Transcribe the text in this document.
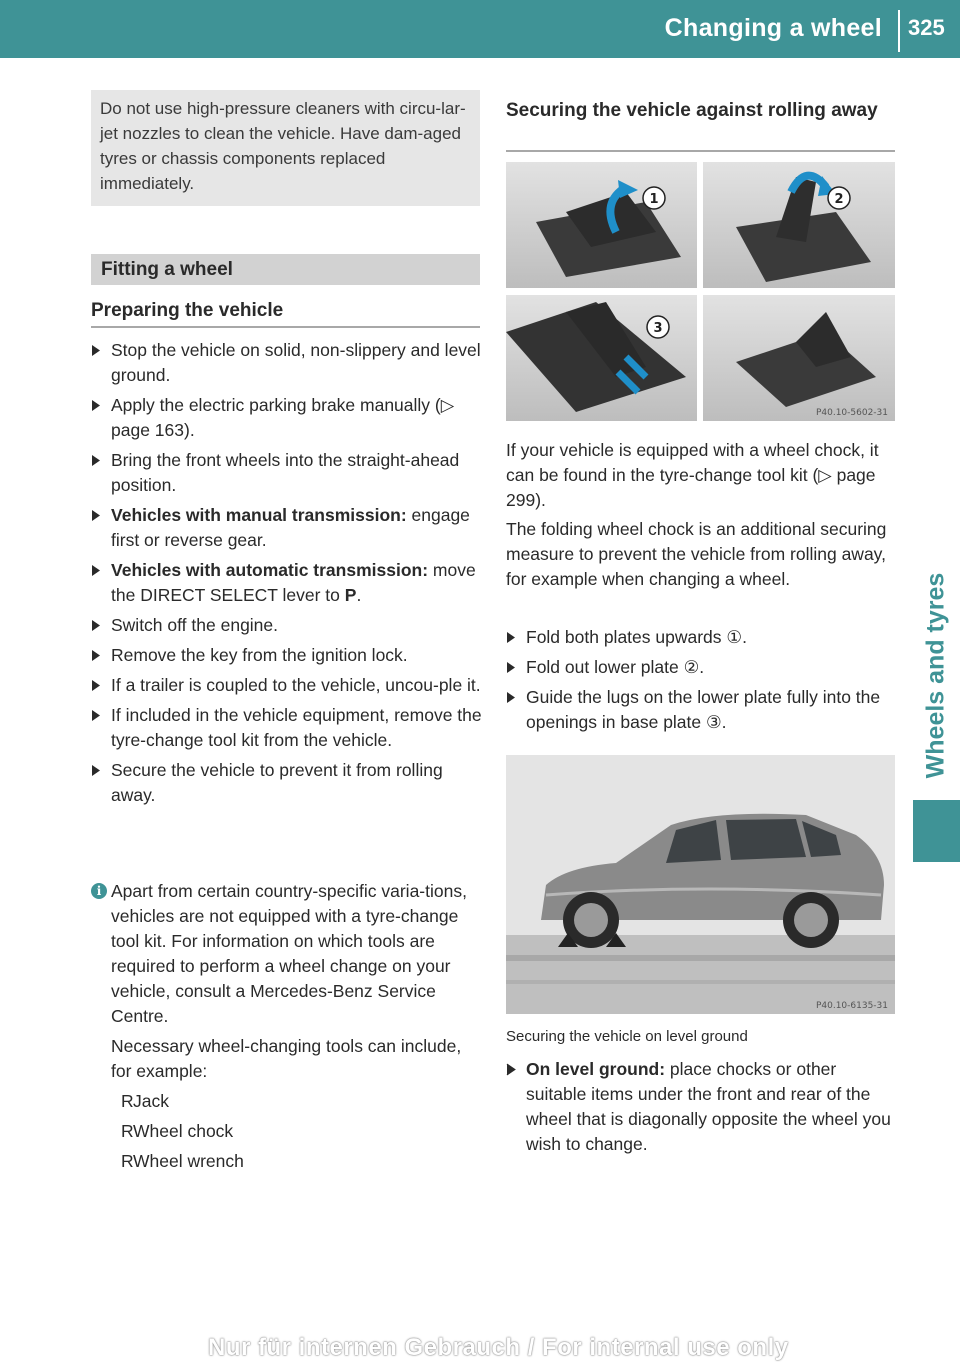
Changing a wheel 325
Wheels and tyres
Do not use high-pressure cleaners with circu-lar-jet nozzles to clean the vehicle. Have dam-aged tyres or chassis components replaced immediately.
Fitting a wheel
Preparing the vehicle
Stop the vehicle on solid, non-slippery and level ground.
Apply the electric parking brake manually (▷ page 163).
Bring the front wheels into the straight-ahead position.
Vehicles with manual transmission: engage first or reverse gear.
Vehicles with automatic transmission: move the DIRECT SELECT lever to P.
Switch off the engine.
Remove the key from the ignition lock.
If a trailer is coupled to the vehicle, uncou-ple it.
If included in the vehicle equipment, remove the tyre-change tool kit from the vehicle.
Secure the vehicle to prevent it from rolling away.
i Apart from certain country-specific varia-tions, vehicles are not equipped with a tyre-change tool kit. For information on which tools are required to perform a wheel change on your vehicle, consult a Mercedes-Benz Service Centre.

Necessary wheel-changing tools can include, for example:

RJack
RWheel chock
RWheel wrench
Securing the vehicle against rolling away
1	2
3
P40.10-5602-31
If your vehicle is equipped with a wheel chock, it can be found in the tyre-change tool kit (▷ page 299).
The folding wheel chock is an additional securing measure to prevent the vehicle from rolling away, for example when changing a wheel.
Fold both plates upwards ①.
Fold out lower plate ②.
Guide the lugs on the lower plate fully into the openings in base plate ③.
P40.10-6135-31
Securing the vehicle on level ground
On level ground: place chocks or other suitable items under the front and rear of the wheel that is diagonally opposite the wheel you wish to change.
Nur für internen Gebrauch / For internal use only
